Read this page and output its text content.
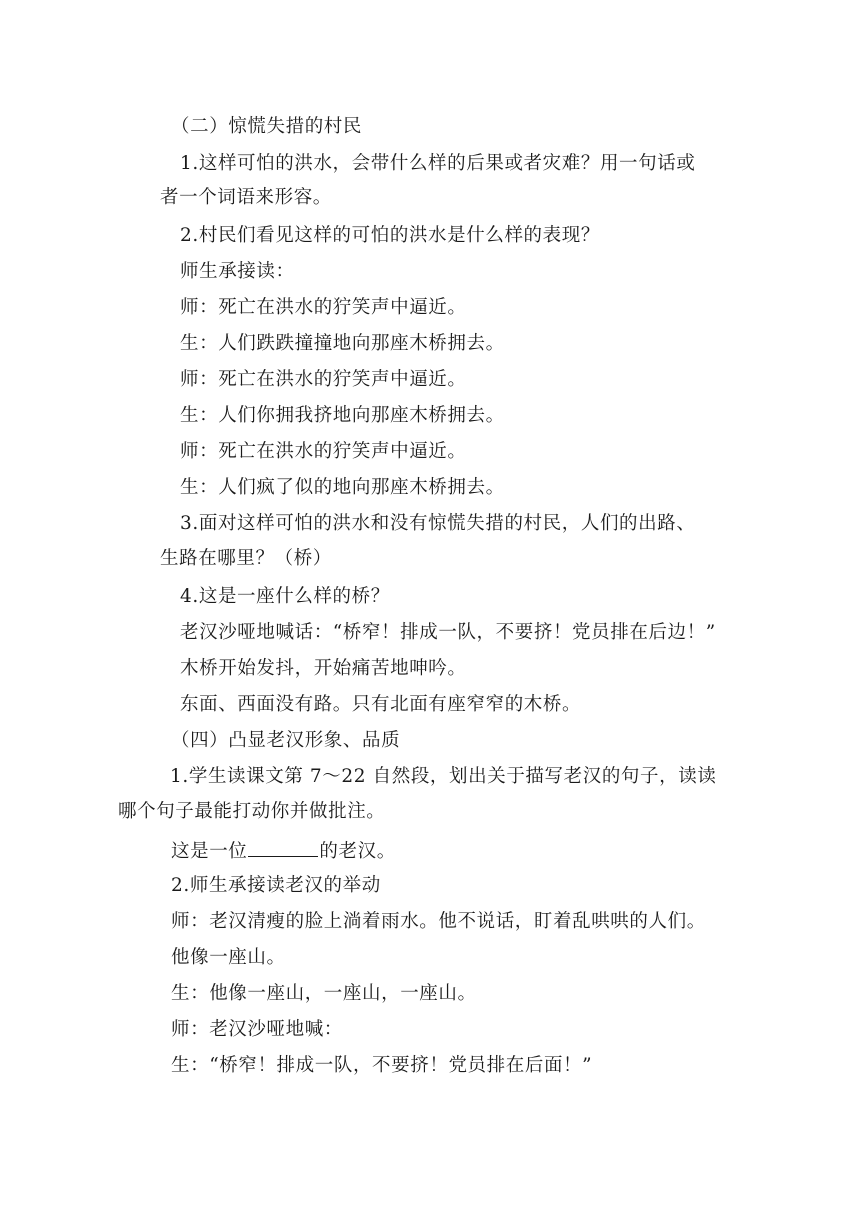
（二）惊慌失措的村民
1.这样可怕的洪水，会带什么样的后果或者灾难？用一句话或
者一个词语来形容。
2.村民们看见这样的可怕的洪水是什么样的表现？
师生承接读：
师：死亡在洪水的狞笑声中逼近。
生：人们跌跌撞撞地向那座木桥拥去。
师：死亡在洪水的狞笑声中逼近。
生：人们你拥我挤地向那座木桥拥去。
师：死亡在洪水的狞笑声中逼近。
生：人们疯了似的地向那座木桥拥去。
3.面对这样可怕的洪水和没有惊慌失措的村民，人们的出路、
生路在哪里？（桥）
4.这是一座什么样的桥？
老汉沙哑地喊话：“桥窄！排成一队，不要挤！党员排在后边！”
木桥开始发抖，开始痛苦地呻吟。
东面、西面没有路。只有北面有座窄窄的木桥。
（四）凸显老汉形象、品质
1.学生读课文第 7～22 自然段，划出关于描写老汉的句子，读读
哪个句子最能打动你并做批注。
这是一位	的老汉。
2.师生承接读老汉的举动
师：老汉清瘦的脸上淌着雨水。他不说话，盯着乱哄哄的人们。
他像一座山。
生：他像一座山，一座山，一座山。
师：老汉沙哑地喊：
生：“桥窄！排成一队，不要挤！党员排在后面！”
